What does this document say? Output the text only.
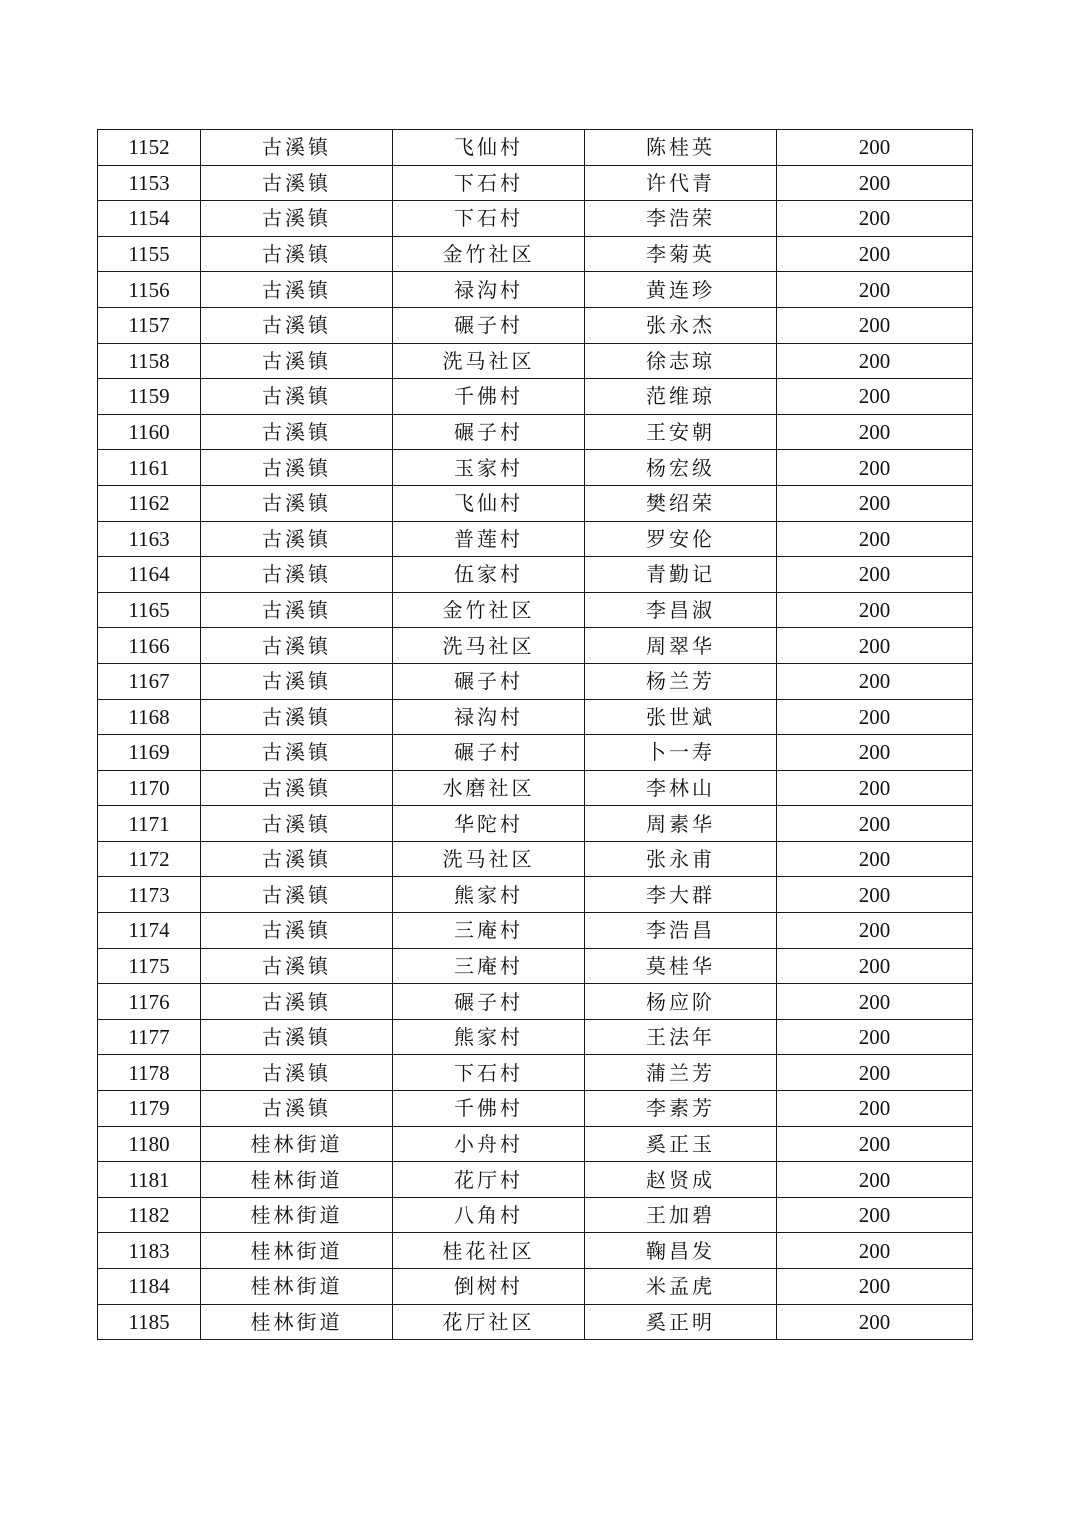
1152	古溪镇	飞仙村	陈桂英	200
1153	古溪镇	下石村	许代青	200
1154	古溪镇	下石村	李浩荣	200
1155	古溪镇	金竹社区	李菊英	200
1156	古溪镇	禄沟村	黄连珍	200
1157	古溪镇	碾子村	张永杰	200
1158	古溪镇	洗马社区	徐志琼	200
1159	古溪镇	千佛村	范维琼	200
1160	古溪镇	碾子村	王安朝	200
1161	古溪镇	玉家村	杨宏级	200
1162	古溪镇	飞仙村	樊绍荣	200
1163	古溪镇	普莲村	罗安伦	200
1164	古溪镇	伍家村	青勤记	200
1165	古溪镇	金竹社区	李昌淑	200
1166	古溪镇	洗马社区	周翠华	200
1167	古溪镇	碾子村	杨兰芳	200
1168	古溪镇	禄沟村	张世斌	200
1169	古溪镇	碾子村	卜一寿	200
1170	古溪镇	水磨社区	李林山	200
1171	古溪镇	华陀村	周素华	200
1172	古溪镇	洗马社区	张永甫	200
1173	古溪镇	熊家村	李大群	200
1174	古溪镇	三庵村	李浩昌	200
1175	古溪镇	三庵村	莫桂华	200
1176	古溪镇	碾子村	杨应阶	200
1177	古溪镇	熊家村	王法年	200
1178	古溪镇	下石村	蒲兰芳	200
1179	古溪镇	千佛村	李素芳	200
1180	桂林街道	小舟村	奚正玉	200
1181	桂林街道	花厅村	赵贤成	200
1182	桂林街道	八角村	王加碧	200
1183	桂林街道	桂花社区	鞠昌发	200
1184	桂林街道	倒树村	米孟虎	200
1185	桂林街道	花厅社区	奚正明	200
